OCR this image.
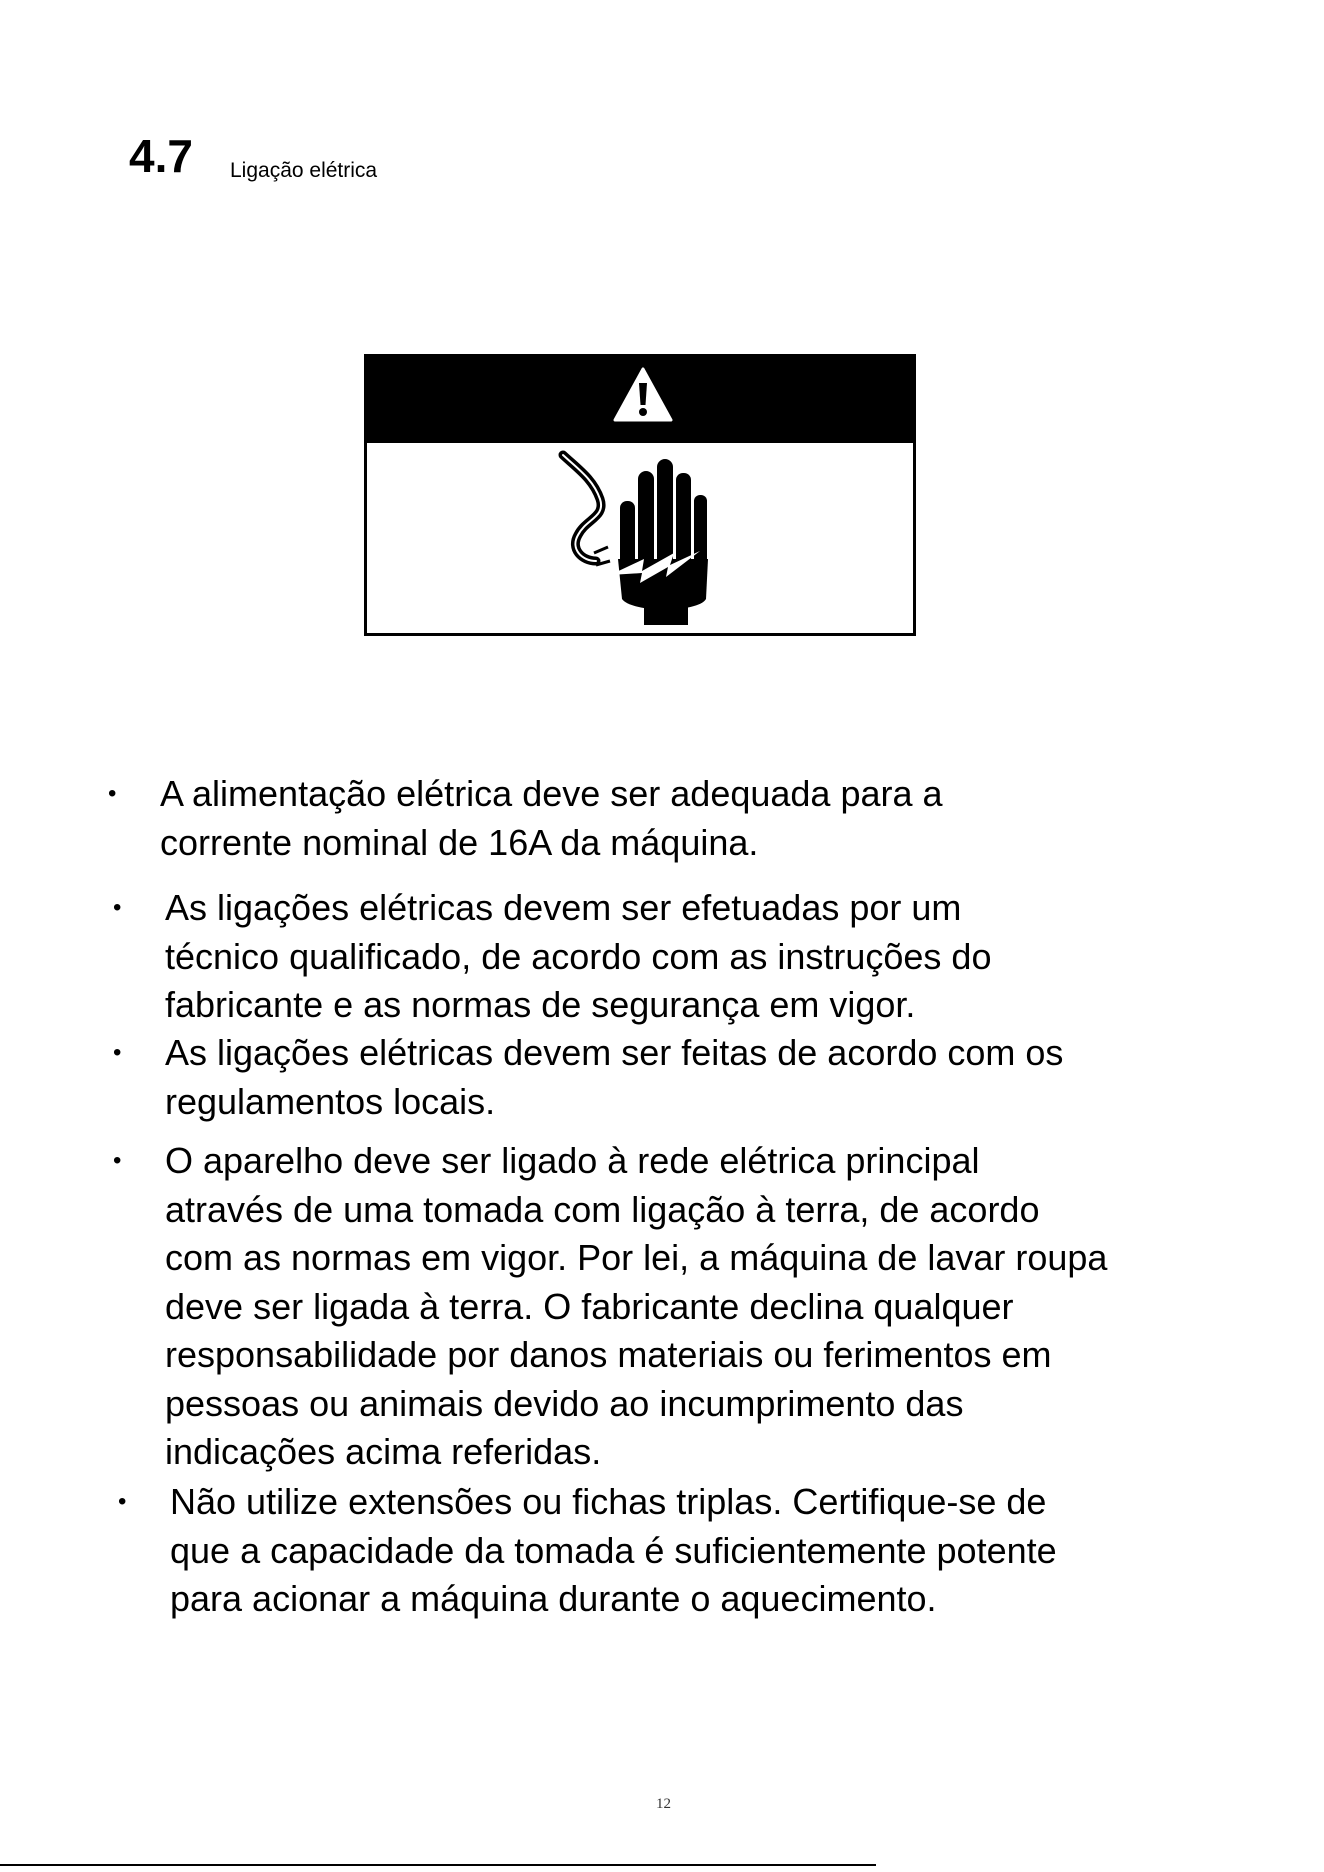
4.7 Ligação elétrica
• A alimentação elétrica deve ser adequada para a
corrente nominal de 16A da máquina.
• As ligações elétricas devem ser efetuadas por um
técnico qualificado, de acordo com as instruções do
fabricante e as normas de segurança em vigor.
• As ligações elétricas devem ser feitas de acordo com os
regulamentos locais.
• O aparelho deve ser ligado à rede elétrica principal
através de uma tomada com ligação à terra, de acordo
com as normas em vigor. Por lei, a máquina de lavar roupa
deve ser ligada à terra. O fabricante declina qualquer
responsabilidade por danos materiais ou ferimentos em
pessoas ou animais devido ao incumprimento das
indicações acima referidas.
• Não utilize extensões ou fichas triplas. Certifique-se de
que a capacidade da tomada é suficientemente potente
para acionar a máquina durante o aquecimento.
12
